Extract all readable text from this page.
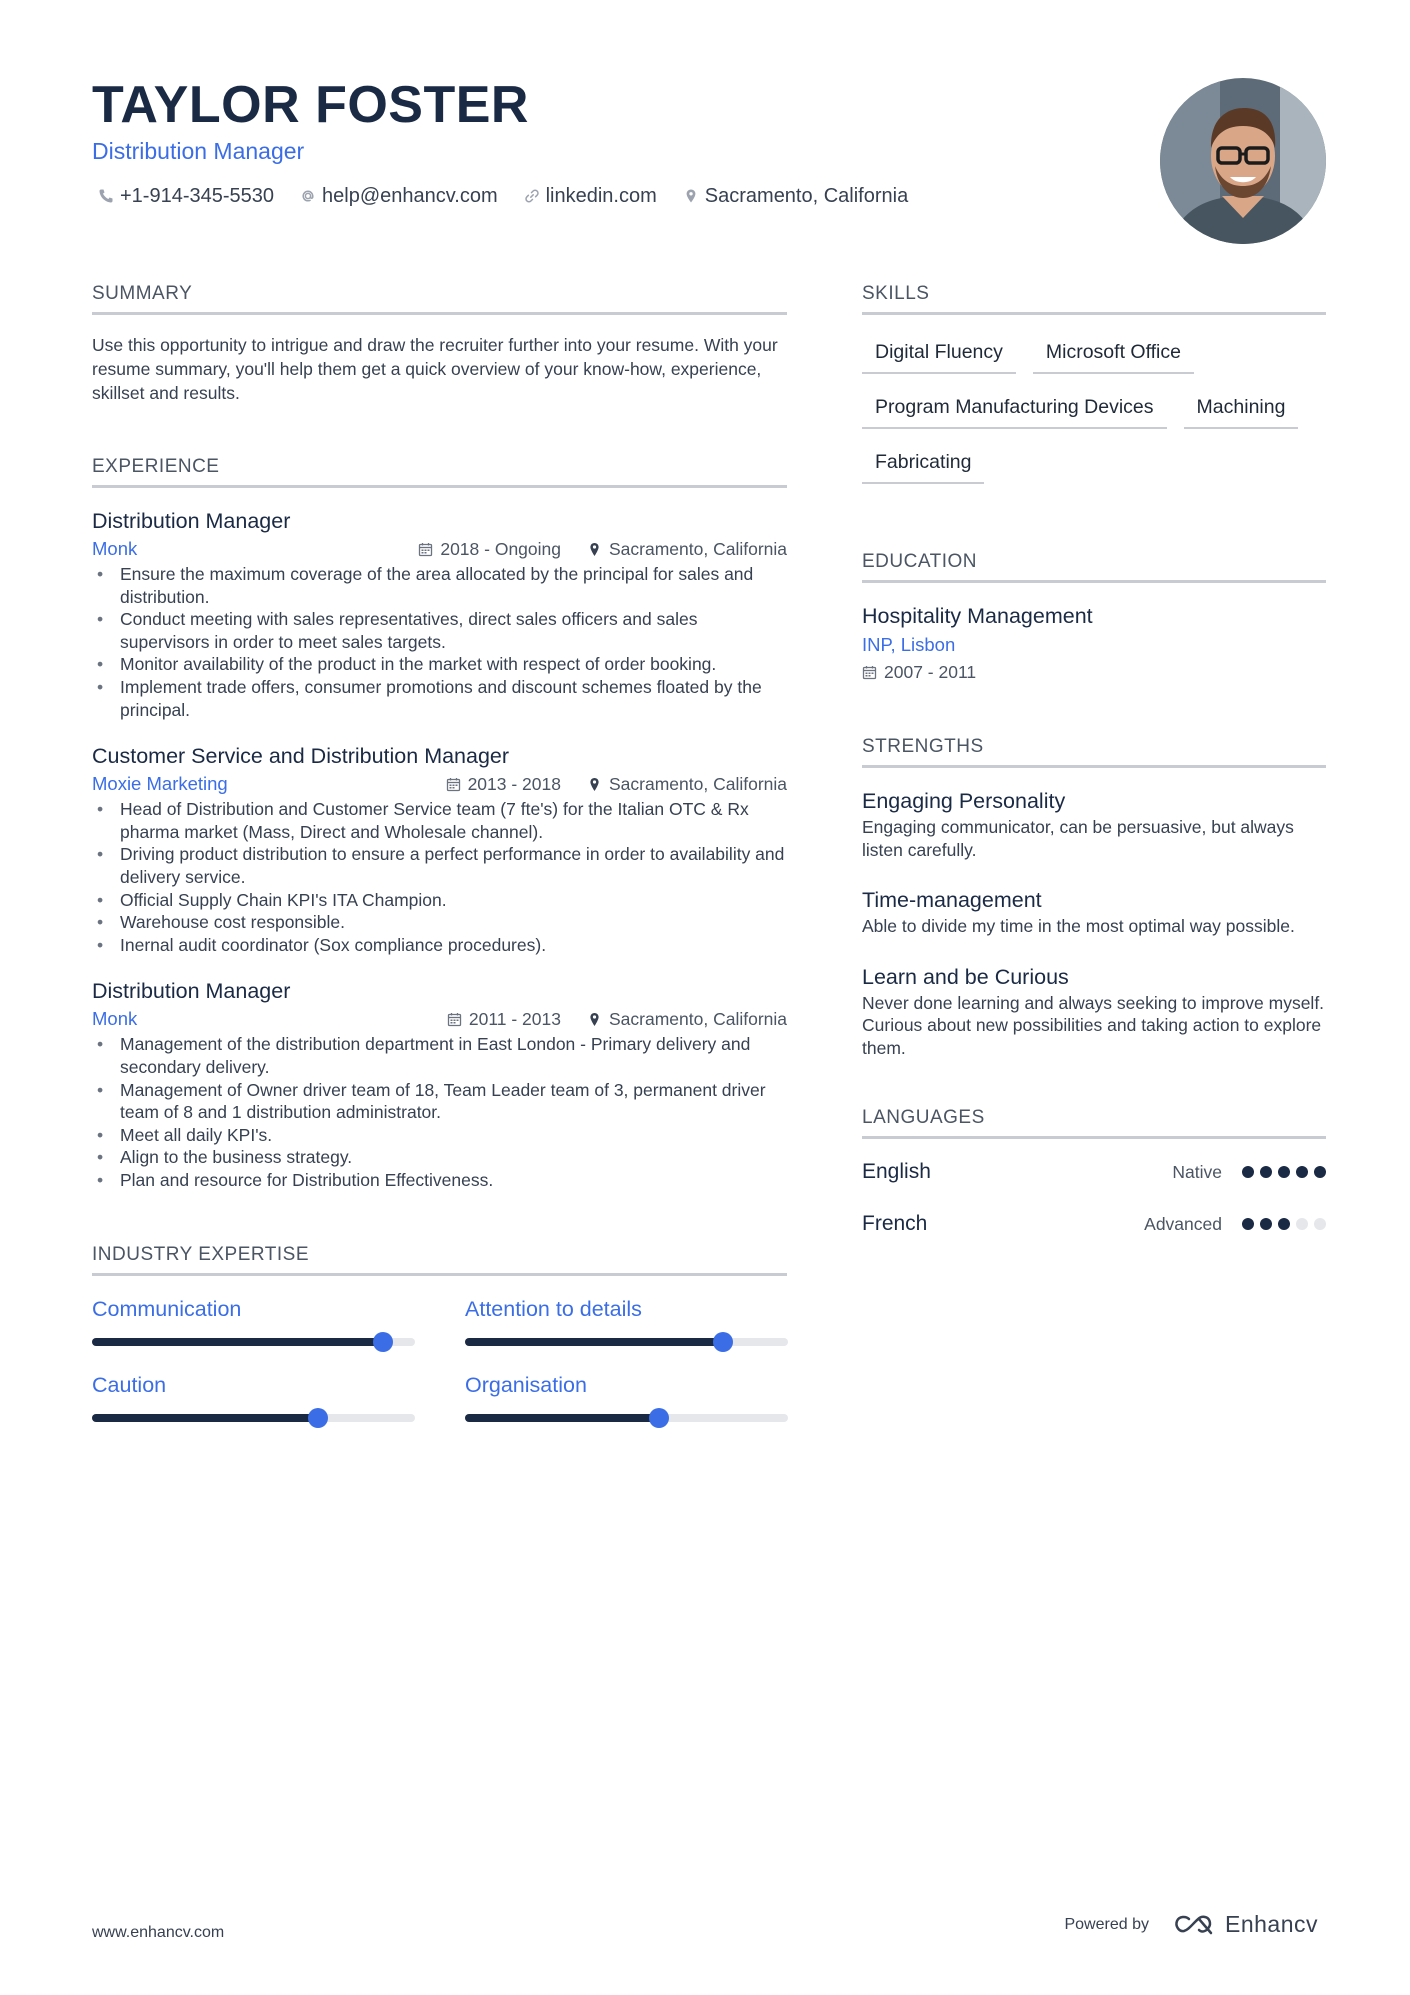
TAYLOR FOSTER
Distribution Manager
+1-914-345-5530 help@enhancv.com linkedin.com Sacramento, California
SUMMARY
Use this opportunity to intrigue and draw the recruiter further into your resume. With your resume summary, you'll help them get a quick overview of your know-how, experience, skillset and results.
EXPERIENCE
Distribution Manager
Monk	2018 - Ongoing	Sacramento, California
• Ensure the maximum coverage of the area allocated by the principal for sales and distribution.
• Conduct meeting with sales representatives, direct sales officers and sales supervisors in order to meet sales targets.
• Monitor availability of the product in the market with respect of order booking.
• Implement trade offers, consumer promotions and discount schemes floated by the principal.
Customer Service and Distribution Manager
Moxie Marketing	2013 - 2018	Sacramento, California
• Head of Distribution and Customer Service team (7 fte's) for the Italian OTC & Rx pharma market (Mass, Direct and Wholesale channel).
• Driving product distribution to ensure a perfect performance in order to availability and delivery service.
• Official Supply Chain KPI's ITA Champion.
• Warehouse cost responsible.
• Inernal audit coordinator (Sox compliance procedures).
Distribution Manager
Monk	2011 - 2013	Sacramento, California
• Management of the distribution department in East London - Primary delivery and secondary delivery.
• Management of Owner driver team of 18, Team Leader team of 3, permanent driver team of 8 and 1 distribution administrator.
• Meet all daily KPI's.
• Align to the business strategy.
• Plan and resource for Distribution Effectiveness.
INDUSTRY EXPERTISE
Communication	Attention to details
Caution	Organisation
SKILLS
Digital Fluency	Microsoft Office
Program Manufacturing Devices	Machining
Fabricating
EDUCATION
Hospitality Management
INP, Lisbon
2007 - 2011
STRENGTHS
Engaging Personality
Engaging communicator, can be persuasive, but always listen carefully.
Time-management
Able to divide my time in the most optimal way possible.
Learn and be Curious
Never done learning and always seeking to improve myself. Curious about new possibilities and taking action to explore them.
LANGUAGES
English	Native
French	Advanced
www.enhancv.com	Powered by	Enhancv
